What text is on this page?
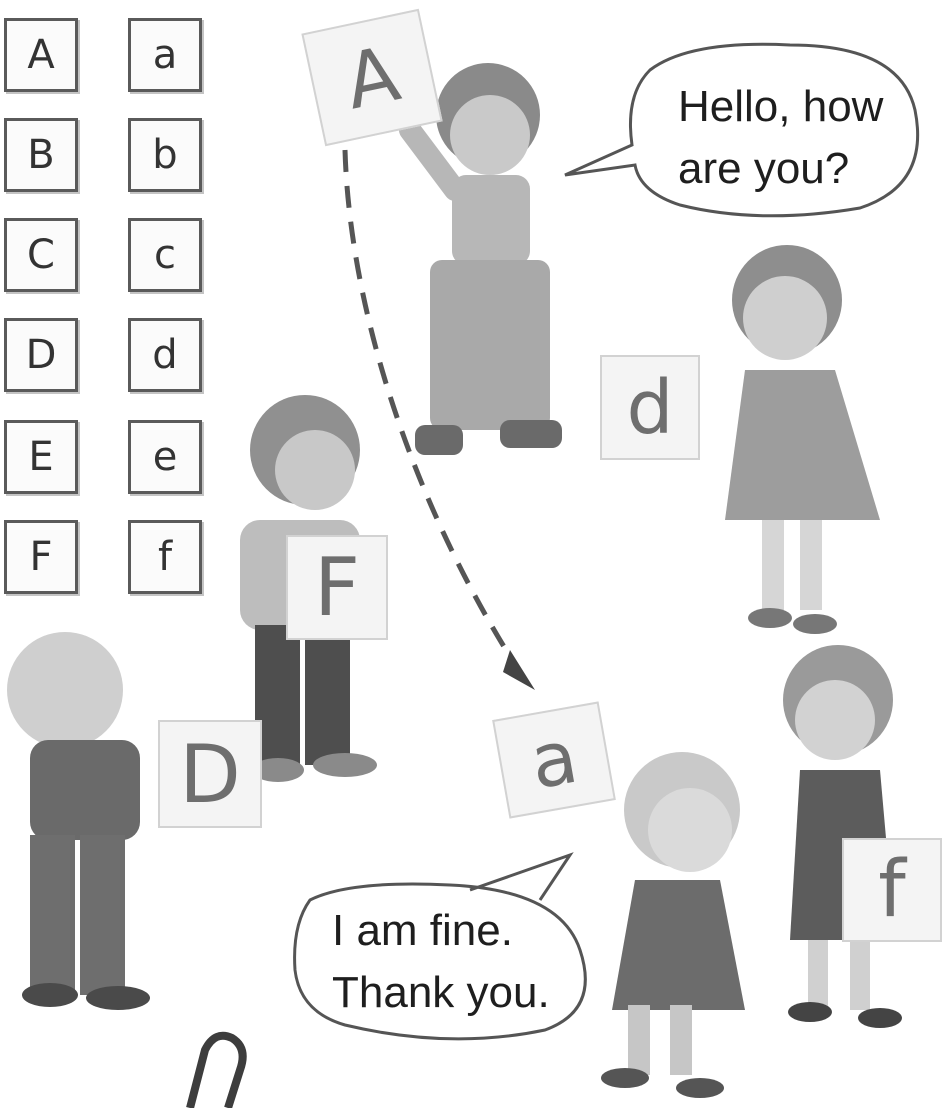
A
B
C
D
E
F
a
b
c
d
e
f
A
d
F
D	a
f
Hello, how
are you?
I am fine.
Thank you.
